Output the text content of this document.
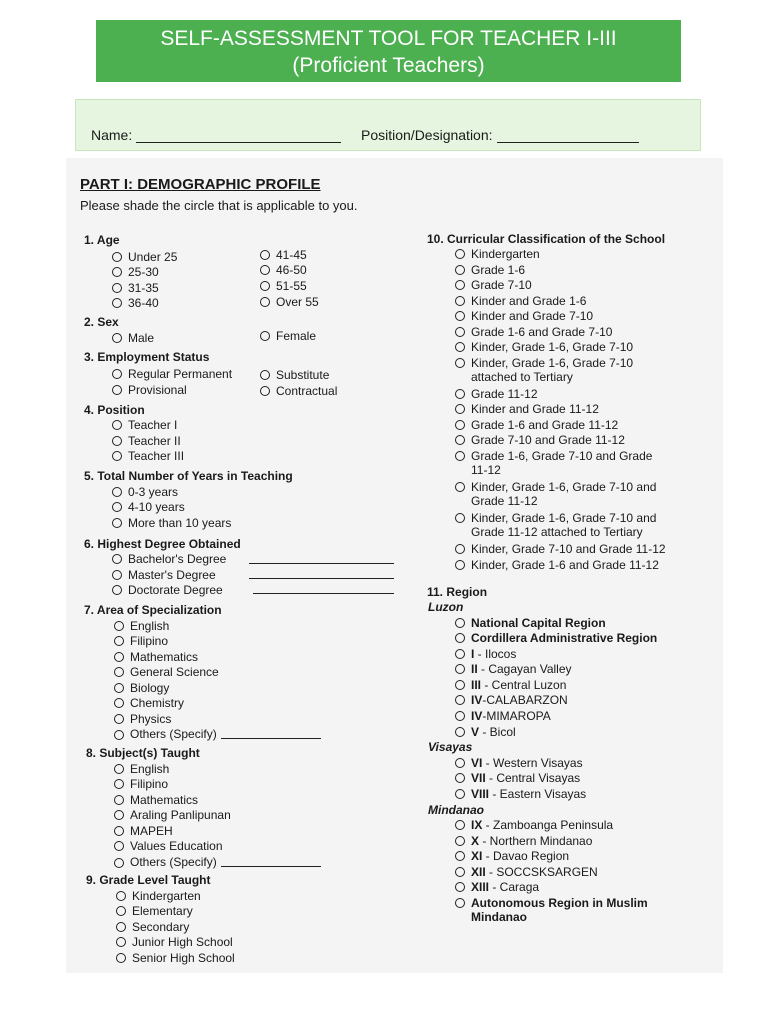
SELF-ASSESSMENT TOOL FOR TEACHER I-III
(Proficient Teachers)
Name:	Position/Designation:
PART I: DEMOGRAPHIC PROFILE
Please shade the circle that is applicable to you.
1. Age
Under 25
25-30
31-35
36-40
41-45
46-50
51-55
Over 55
2. Sex
Male	Female
3. Employment Status
Regular Permanent
Provisional
Substitute
Contractual
4. Position
Teacher I
Teacher II
Teacher III
5. Total Number of Years in Teaching
0-3 years
4-10 years
More than 10 years
6. Highest Degree Obtained
Bachelor's Degree
Master's Degree
Doctorate Degree
7. Area of Specialization
English
Filipino
Mathematics
General Science
Biology
Chemistry
Physics
Others (Specify)
8. Subject(s) Taught
English
Filipino
Mathematics
Araling Panlipunan
MAPEH
Values Education
Others (Specify)
9. Grade Level Taught
Kindergarten
Elementary
Secondary
Junior High School
Senior High School
10. Curricular Classification of the School
Kindergarten
Grade 1-6
Grade 7-10
Kinder and Grade 1-6
Kinder and Grade 7-10
Grade 1-6 and Grade 7-10
Kinder, Grade 1-6, Grade 7-10
Kinder, Grade 1-6, Grade 7-10
attached to Tertiary
Grade 11-12
Kinder and Grade 11-12
Grade 1-6 and Grade 11-12
Grade 7-10 and Grade 11-12
Grade 1-6, Grade 7-10 and Grade
11-12
Kinder, Grade 1-6, Grade 7-10 and
Grade 11-12
Kinder, Grade 1-6, Grade 7-10 and
Grade 11-12 attached to Tertiary
Kinder, Grade 7-10 and Grade 11-12
Kinder, Grade 1-6 and Grade 11-12
11. Region
Luzon
National Capital Region
Cordillera Administrative Region
I - Ilocos
II - Cagayan Valley
III - Central Luzon
IV-CALABARZON
IV-MIMAROPA
V - Bicol
Visayas
VI - Western Visayas
VII - Central Visayas
VIII - Eastern Visayas
Mindanao
IX - Zamboanga Peninsula
X - Northern Mindanao
XI - Davao Region
XII - SOCCSKSARGEN
XIII - Caraga
Autonomous Region in Muslim
Mindanao
